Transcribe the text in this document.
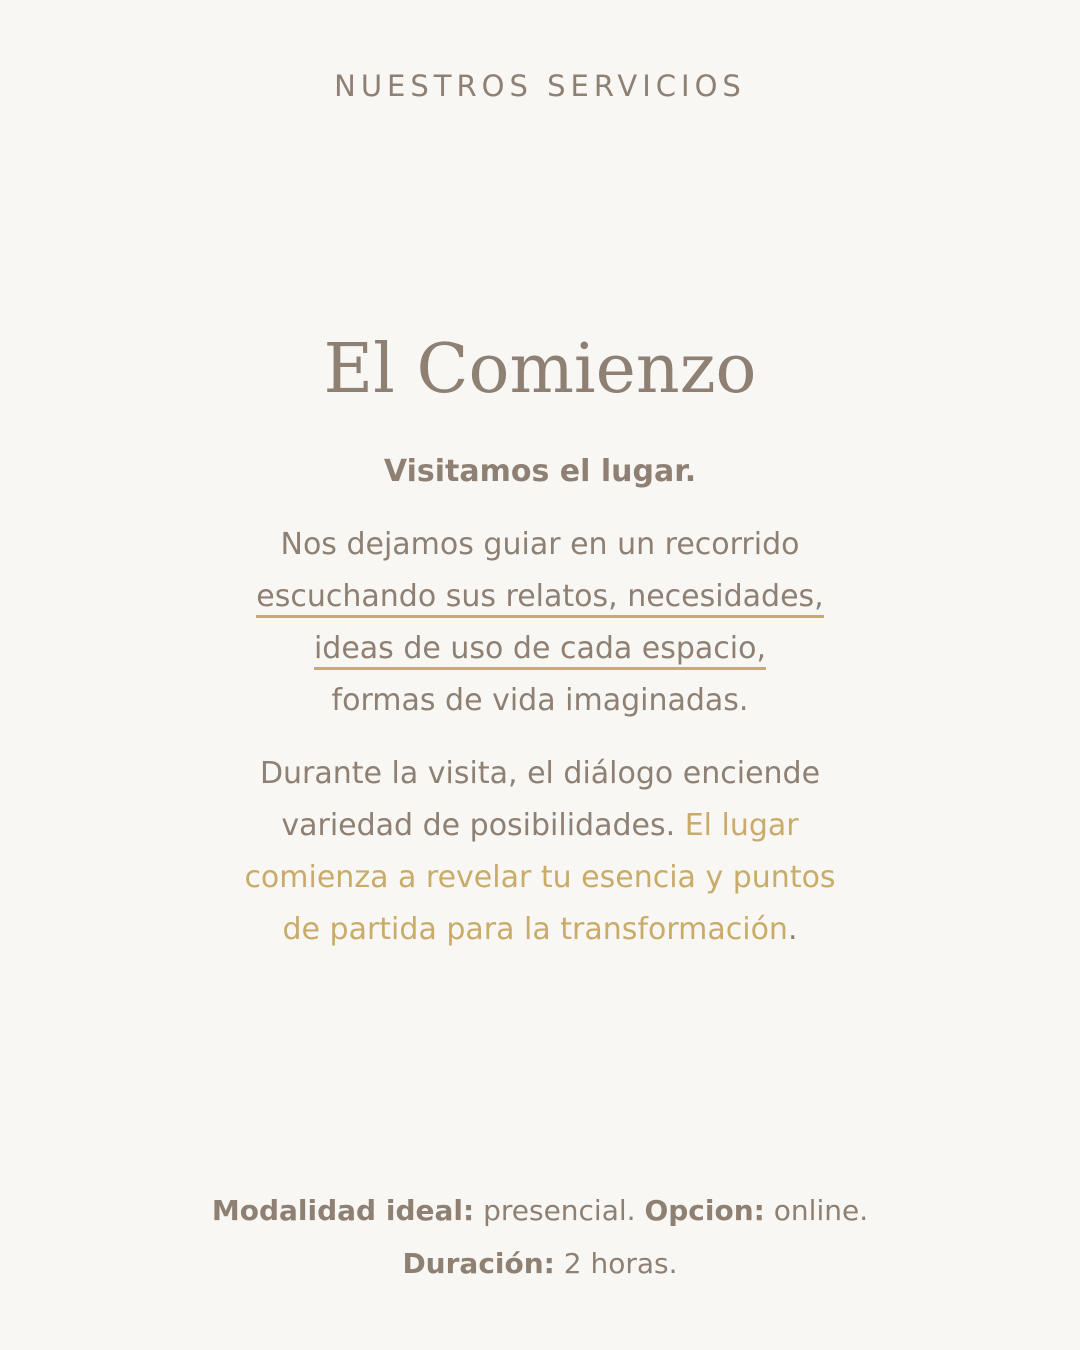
NUESTROS SERVICIOS
El Comienzo
Visitamos el lugar.
Nos dejamos guiar en un recorrido
escuchando sus relatos, necesidades,
ideas de uso de cada espacio,
formas de vida imaginadas.
Durante la visita, el diálogo enciende
variedad de posibilidades. El lugar
comienza a revelar tu esencia y puntos
de partida para la transformación.
Modalidad ideal: presencial. Opcion: online.
Duración: 2 horas.
